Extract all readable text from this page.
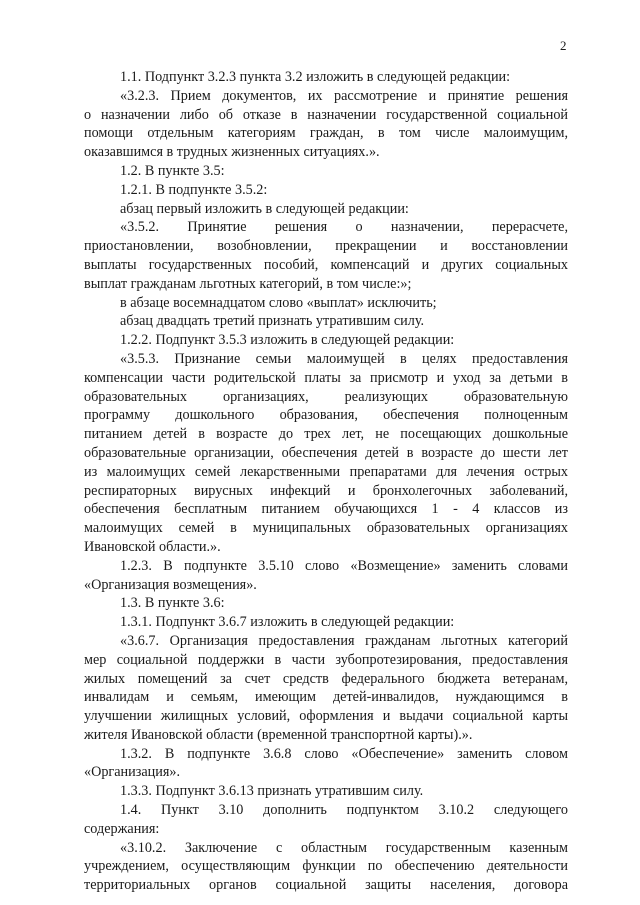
2
1.1. Подпункт 3.2.3 пункта 3.2 изложить в следующей редакции:
«3.2.3. Прием документов, их рассмотрение и принятие решения
о назначении либо об отказе в назначении государственной социальной
помощи отдельным категориям граждан, в том числе малоимущим,
оказавшимся в трудных жизненных ситуациях.».
1.2. В пункте 3.5:
1.2.1. В подпункте 3.5.2:
абзац первый изложить в следующей редакции:
«3.5.2. Принятие решения о назначении, перерасчете,
приостановлении, возобновлении, прекращении и восстановлении
выплаты государственных пособий, компенсаций и других социальных
выплат гражданам льготных категорий, в том числе:»;
в абзаце восемнадцатом слово «выплат» исключить;
абзац двадцать третий признать утратившим силу.
1.2.2. Подпункт 3.5.3 изложить в следующей редакции:
«3.5.3. Признание семьи малоимущей в целях предоставления
компенсации части родительской платы за присмотр и уход за детьми в
образовательных организациях, реализующих образовательную
программу дошкольного образования, обеспечения полноценным
питанием детей в возрасте до трех лет, не посещающих дошкольные
образовательные организации, обеспечения детей в возрасте до шести лет
из малоимущих семей лекарственными препаратами для лечения острых
респираторных вирусных инфекций и бронхолегочных заболеваний,
обеспечения бесплатным питанием обучающихся 1 - 4 классов из
малоимущих семей в муниципальных образовательных организациях
Ивановской области.».
1.2.3. В подпункте 3.5.10 слово «Возмещение» заменить словами
«Организация возмещения».
1.3. В пункте 3.6:
1.3.1. Подпункт 3.6.7 изложить в следующей редакции:
«3.6.7. Организация предоставления гражданам льготных категорий
мер социальной поддержки в части зубопротезирования, предоставления
жилых помещений за счет средств федерального бюджета ветеранам,
инвалидам и семьям, имеющим детей-инвалидов, нуждающимся в
улучшении жилищных условий, оформления и выдачи социальной карты
жителя Ивановской области (временной транспортной карты).».
1.3.2. В подпункте 3.6.8 слово «Обеспечение» заменить словом
«Организация».
1.3.3. Подпункт 3.6.13 признать утратившим силу.
1.4. Пункт 3.10 дополнить подпунктом 3.10.2 следующего
содержания:
«3.10.2. Заключение с областным государственным казенным
учреждением, осуществляющим функции по обеспечению деятельности
территориальных органов социальной защиты населения, договора
